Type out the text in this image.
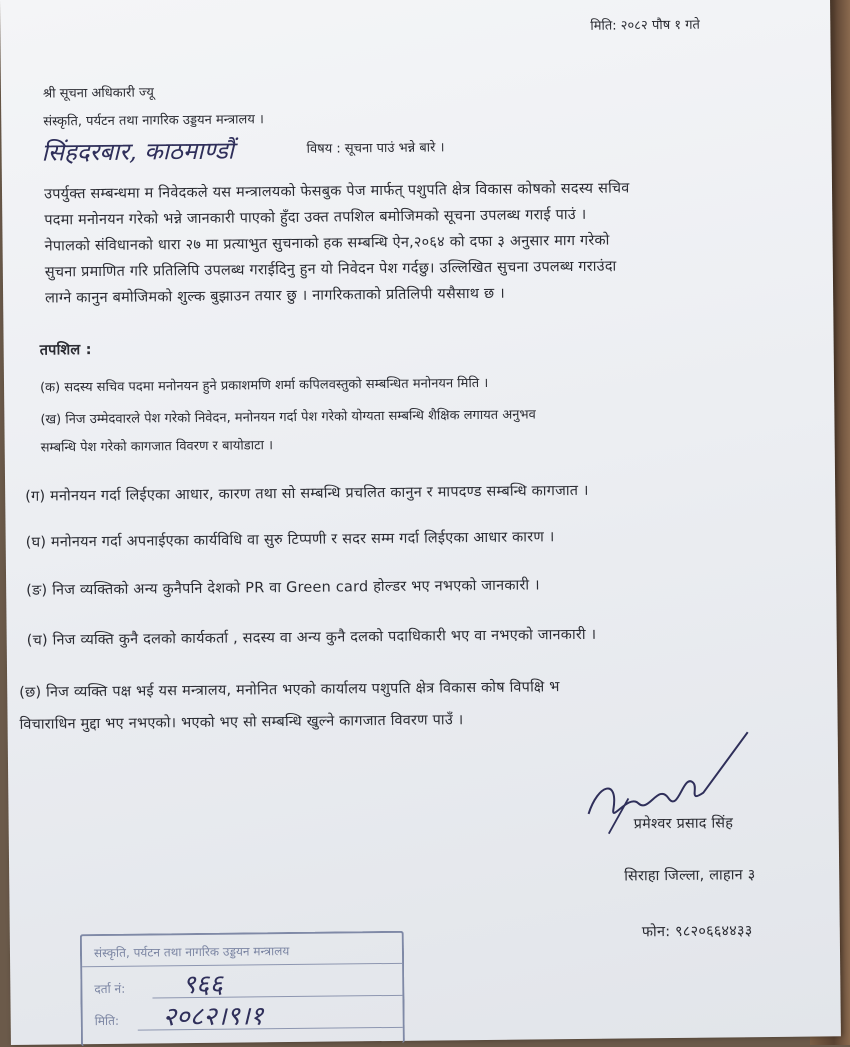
मिति: २०८२ पौष १ गते
श्री सूचना अधिकारी ज्यू
संस्कृति, पर्यटन तथा नागरिक उड्डयन मन्त्रालय ।
सिंहदरबार, काठमाण्डौं	विषय : सूचना पाउं भन्ने बारे ।
उपर्युक्त सम्बन्धमा म निवेदकले यस मन्त्रालयको फेसबुक पेज मार्फत् पशुपति क्षेत्र विकास कोषको सदस्य सचिव
पदमा मनोनयन गरेको भन्ने जानकारी पाएको हुँदा उक्त तपशिल बमोजिमको सूचना उपलब्ध गराई पाउं ।
नेपालको संविधानको धारा २७ मा प्रत्याभुत सुचनाको हक सम्बन्धि ऐन,२०६४ को दफा ३ अनुसार माग गरेको
सुचना प्रमाणित गरि प्रतिलिपि उपलब्ध गराईदिनु हुन यो निवेदन पेश गर्दछु। उल्लिखित सुचना उपलब्ध गराउंदा
लाग्ने कानुन बमोजिमको शुल्क बुझाउन तयार छु । नागरिकताको प्रतिलिपी यसैसाथ छ ।
तपशिल :
(क) सदस्य सचिव पदमा मनोनयन हुने प्रकाशमणि शर्मा कपिलवस्तुको सम्बन्धित मनोनयन मिति ।
(ख) निज उम्मेदवारले पेश गरेको निवेदन, मनोनयन गर्दा पेश गरेको योग्यता सम्बन्धि शैक्षिक लगायत अनुभव
सम्बन्धि पेश गरेको कागजात विवरण र बायोडाटा ।
(ग) मनोनयन गर्दा लिईएका आधार, कारण तथा सो सम्बन्धि प्रचलित कानुन र मापदण्ड सम्बन्धि कागजात ।
(घ) मनोनयन गर्दा अपनाईएका कार्यविधि वा सुरु टिप्पणी र सदर सम्म गर्दा लिईएका आधार कारण ।
(ङ) निज व्यक्तिको अन्य कुनैपनि देशको PR वा Green card होल्डर भए नभएको जानकारी ।
(च) निज व्यक्ति कुनै दलको कार्यकर्ता , सदस्य वा अन्य कुनै दलको पदाधिकारी भए वा नभएको जानकारी ।
(छ) निज व्यक्ति पक्ष भई यस मन्त्रालय, मनोनित भएको कार्यालय पशुपति क्षेत्र विकास कोष विपक्षि भ
विचाराधिन मुद्दा भए नभएको। भएको भए सो सम्बन्धि खुल्ने कागजात विवरण पाउँ ।
प्रमेश्वर प्रसाद सिंह
सिराहा जिल्ला, लाहान ३
फोन: ९८२०६६४४३३
संस्कृति, पर्यटन तथा नागरिक उड्डयन मन्त्रालय
दर्ता नं: ९६६
मिति: २०८२।९।१
